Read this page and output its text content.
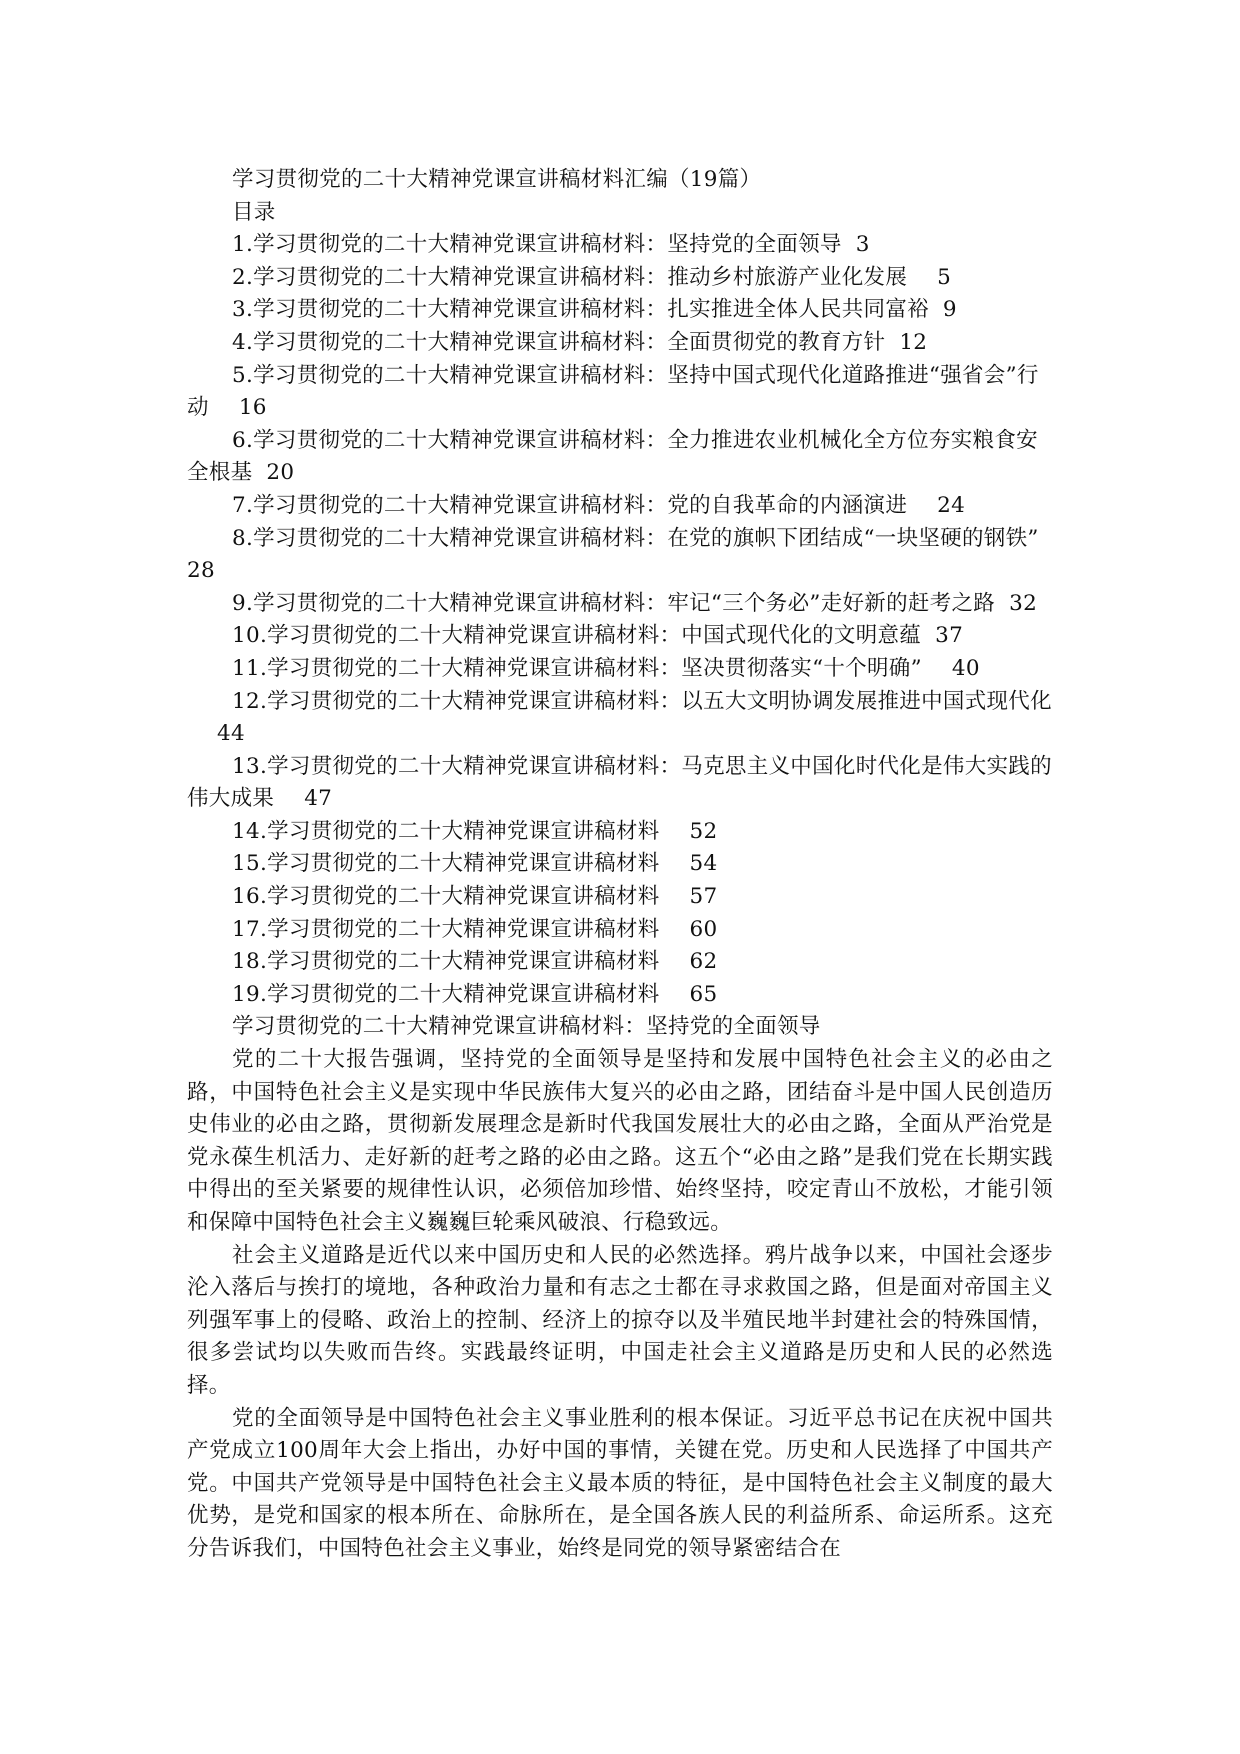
学习贯彻党的二十大精神党课宣讲稿材料汇编（19篇）

目录

1.学习贯彻党的二十大精神党课宣讲稿材料：坚持党的全面领导 3

2.学习贯彻党的二十大精神党课宣讲稿材料：推动乡村旅游产业化发展 5

3.学习贯彻党的二十大精神党课宣讲稿材料：扎实推进全体人民共同富裕 9

4.学习贯彻党的二十大精神党课宣讲稿材料：全面贯彻党的教育方针 12

5.学习贯彻党的二十大精神党课宣讲稿材料：坚持中国式现代化道路推进“强省会”行动 16

6.学习贯彻党的二十大精神党课宣讲稿材料：全力推进农业机械化全方位夯实粮食安全根基 20

7.学习贯彻党的二十大精神党课宣讲稿材料：党的自我革命的内涵演进 24

8.学习贯彻党的二十大精神党课宣讲稿材料：在党的旗帜下团结成“一块坚硬的钢铁”28

9.学习贯彻党的二十大精神党课宣讲稿材料：牢记“三个务必”走好新的赶考之路 32

10.学习贯彻党的二十大精神党课宣讲稿材料：中国式现代化的文明意蕴 37

11.学习贯彻党的二十大精神党课宣讲稿材料：坚决贯彻落实“十个明确” 40

12.学习贯彻党的二十大精神党课宣讲稿材料：以五大文明协调发展推进中国式现代化44

13.学习贯彻党的二十大精神党课宣讲稿材料：马克思主义中国化时代化是伟大实践的伟大成果 47

14.学习贯彻党的二十大精神党课宣讲稿材料 52

15.学习贯彻党的二十大精神党课宣讲稿材料 54

16.学习贯彻党的二十大精神党课宣讲稿材料 57

17.学习贯彻党的二十大精神党课宣讲稿材料 60

18.学习贯彻党的二十大精神党课宣讲稿材料 62

19.学习贯彻党的二十大精神党课宣讲稿材料 65

学习贯彻党的二十大精神党课宣讲稿材料：坚持党的全面领导

党的二十大报告强调，坚持党的全面领导是坚持和发展中国特色社会主义的必由之路，中国特色社会主义是实现中华民族伟大复兴的必由之路，团结奋斗是中国人民创造历史伟业的必由之路，贯彻新发展理念是新时代我国发展壮大的必由之路，全面从严治党是党永葆生机活力、走好新的赶考之路的必由之路。这五个“必由之路”是我们党在长期实践中得出的至关紧要的规律性认识，必须倍加珍惜、始终坚持，咬定青山不放松，才能引领和保障中国特色社会主义巍巍巨轮乘风破浪、行稳致远。

社会主义道路是近代以来中国历史和人民的必然选择。鸦片战争以来，中国社会逐步沦入落后与挨打的境地，各种政治力量和有志之士都在寻求救国之路，但是面对帝国主义列强军事上的侵略、政治上的控制、经济上的掠夺以及半殖民地半封建社会的特殊国情，很多尝试均以失败而告终。实践最终证明，中国走社会主义道路是历史和人民的必然选择。

党的全面领导是中国特色社会主义事业胜利的根本保证。习近平总书记在庆祝中国共产党成立100周年大会上指出，办好中国的事情，关键在党。历史和人民选择了中国共产党。中国共产党领导是中国特色社会主义最本质的特征，是中国特色社会主义制度的最大优势，是党和国家的根本所在、命脉所在，是全国各族人民的利益所系、命运所系。这充分告诉我们，中国特色社会主义事业，始终是同党的领导紧密结合在
